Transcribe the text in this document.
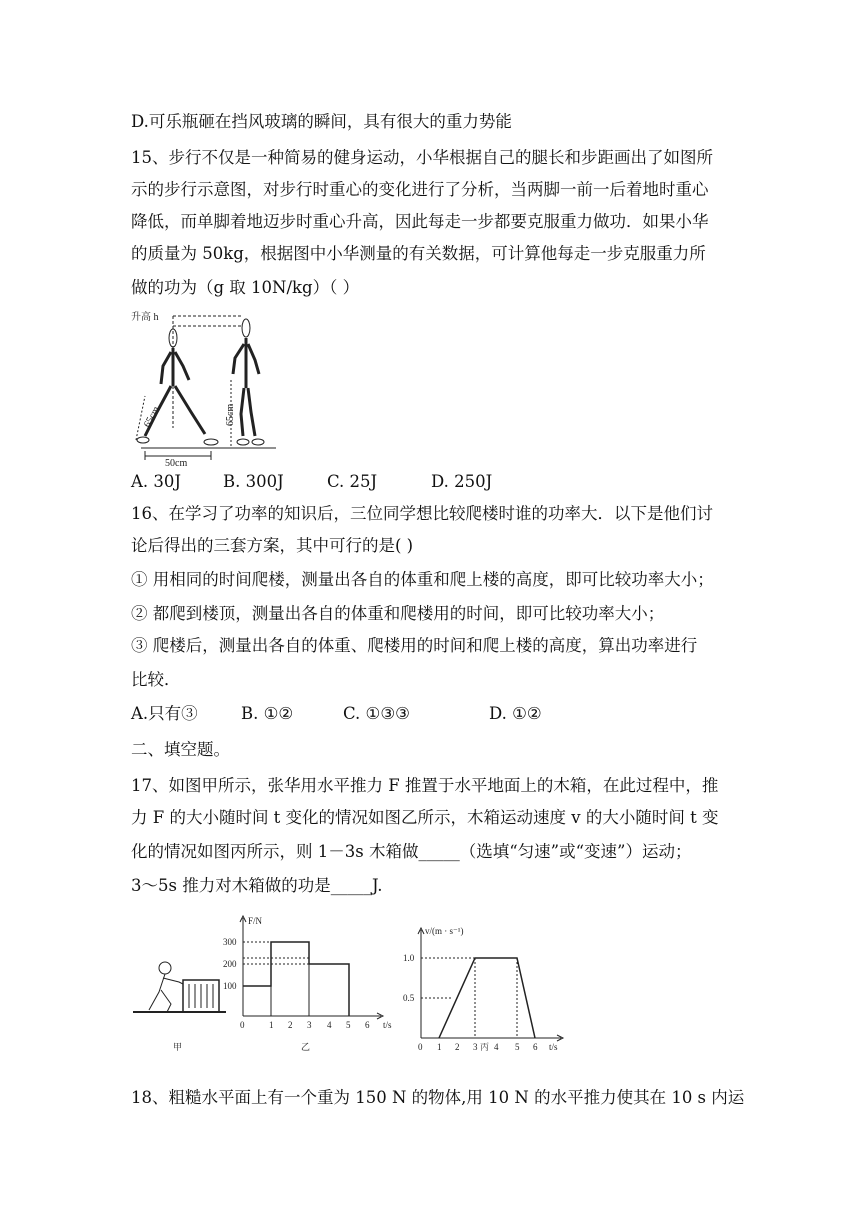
D.可乐瓶砸在挡风玻璃的瞬间，具有很大的重力势能
15、步行不仅是一种简易的健身运动，小华根据自己的腿长和步距画出了如图所
示的步行示意图，对步行时重心的变化进行了分析，当两脚一前一后着地时重心
降低，而单脚着地迈步时重心升高，因此每走一步都要克服重力做功．如果小华
的质量为 50kg，根据图中小华测量的有关数据，可计算他每走一步克服重力所
做的功为（g 取 10N/kg）（ ）
升高 h
65cm	65cm
50cm
A. 30J	B. 300J	C. 25J	D. 250J
16、在学习了功率的知识后，三位同学想比较爬楼时谁的功率大．以下是他们讨
论后得出的三套方案，其中可行的是( )
① 用相同的时间爬楼，测量出各自的体重和爬上楼的高度，即可比较功率大小；
② 都爬到楼顶，测量出各自的体重和爬楼用的时间，即可比较功率大小；
③ 爬楼后，测量出各自的体重、爬楼用的时间和爬上楼的高度，算出功率进行
比较．
A.只有③	B. ①②	C. ①③③	D. ①②
二、填空题。
17、如图甲所示，张华用水平推力 F 推置于水平地面上的木箱，在此过程中，推
力 F 的大小随时间 t 变化的情况如图乙所示，木箱运动速度 v 的大小随时间 t 变
化的情况如图丙所示，则 1－3s 木箱做_____（选填“匀速”或“变速”）运动；
3～5s 推力对木箱做的功是_____J.
F/N
300
200
100
0	1 2 3 4 5 6 t/s
v/(m · s⁻¹)
1.0
0.5
0 1 2 3 4 5 6 t/s
甲	乙	丙
18、粗糙水平面上有一个重为 150 N 的物体,用 10 N 的水平推力使其在 10 s 内运
